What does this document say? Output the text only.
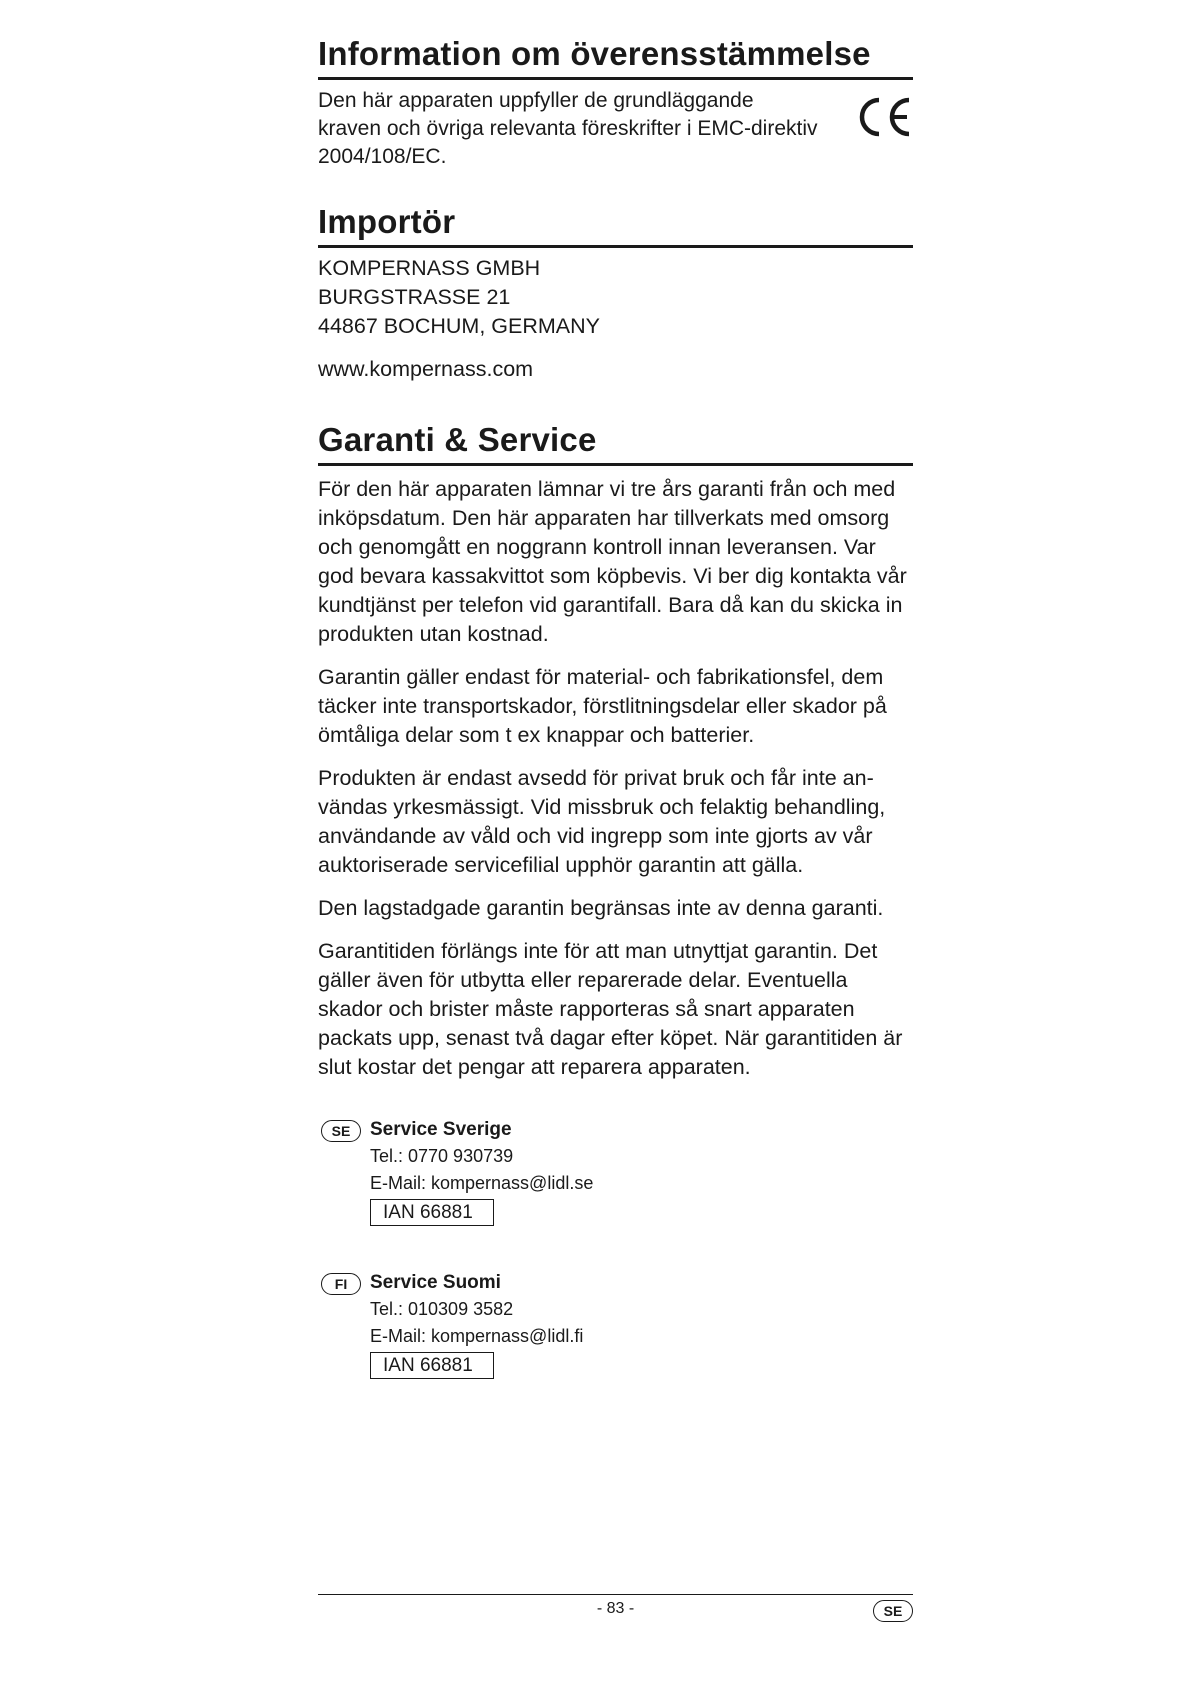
Information om överensstämmelse

Den här apparaten uppfyller de grundläggande kraven och övriga relevanta föreskrifter i EMC-direktiv 2004/108/EC.

Importör

KOMPERNASS GMBH

BURGSTRASSE 21

44867 BOCHUM, GERMANY

www.kompernass.com

Garanti & Service

För den här apparaten lämnar vi tre års garanti från och med inköpsdatum. Den här apparaten har tillverkats med omsorg och genomgått en noggrann kontroll innan leveransen. Var god bevara kassakvittot som köpbevis. Vi ber dig kontakta vår kundtjänst per telefon vid garantifall. Bara då kan du skicka in produkten utan kostnad.

Garantin gäller endast för material- och fabrikationsfel, dem täcker inte transportskador, förstlitningsdelar eller skador på ömtåliga delar som t ex knappar och batterier.

Produkten är endast avsedd för privat bruk och får inte an-vändas yrkesmässigt. Vid missbruk och felaktig behandling, användande av våld och vid ingrepp som inte gjorts av vår auktoriserade servicefilial upphör garantin att gälla.

Den lagstadgade garantin begränsas inte av denna garanti.

Garantitiden förlängs inte för att man utnyttjat garantin. Det gäller även för utbytta eller reparerade delar. Eventuella skador och brister måste rapporteras så snart apparaten packats upp, senast två dagar efter köpet. När garantitiden är slut kostar det pengar att reparera apparaten.

SE	Service Sverige
Tel.: 0770 930739
E-Mail: kompernass@lidl.se
IAN 66881
FI	Service Suomi
Tel.: 010309 3582
E-Mail: kompernass@lidl.fi
IAN 66881
- 83 -	SE
